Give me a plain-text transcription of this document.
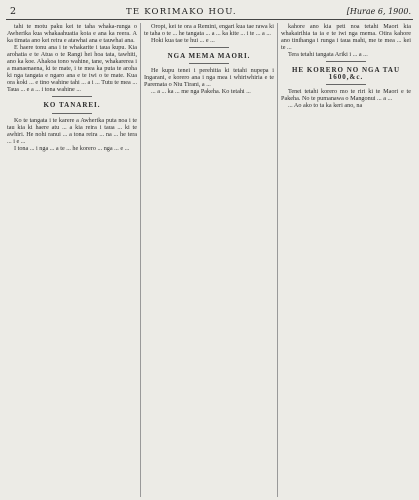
2	TE KORIMAKO HOU.	[Hurae 6, 1900.

tahi te motu paku kei te taha whaka-runga o Awherika kua whakaahuatia koia e ana ka reera. A ka timata ano kei reira e atawhai ana e tauwhai ana.

E haere tonu ana i te whakarite i taua kupu. Kia arohatia e te Atua o te Rangi hei hoa tata, tawhiti, ano ka koe. Ahakoa tono wahine, tane, whakarerea i a manaenaena, ki te mate, i te mea ka puta te aroha ki nga tangata e ngaro ana e te iwi o te mate. Kua ora koki ... e tino wahine tahi ... a i ... Tutu te mea ... Taua ... e a ... i tona wahine ...

KO TANAREI.

Ko te tangata i te karere a Awherika puta noa i te tau kia ki haere atu ... a kia reira i taua ... ki te awhiri. He nohi ranui ... a tona reira ... na ... he tera ... i e ...

I tona ... i nga ... a te ... he korero ... nga ... e ...

Oropi, kei te ora a Remini, engari kua tae rawa ki te taha o te ... he tangata ... a ... ka kite ... i te ... a ...

Hoki kua tae te hui ... e ...

NGA MEMA MAORI.

He kupu tenei i perehitia ki tetahi nupepa i Ingarani, e korero ana i nga mea i whiriwhiria e te Paremata o Niu Tirani, a ...

... a ... ka ... me nga Pakeha. Ko tetahi ...

kahore ano kia peti noa tetahi Maori kia whakairihia ta ia e te iwi nga mema. Otira kahore ano tinihanga i runga i taua mahi, me te mea ... kei te ...

Tera tetahi tangata Ariki i ... a ...

HE KORERO NO NGA TAU 1600,&c.

Tenei tetahi korero mo te riri ki te Maori e te Pakeha. No te pumanawa o Mangonui ... a ...

... Ao ako to ta ka keri ano, na
